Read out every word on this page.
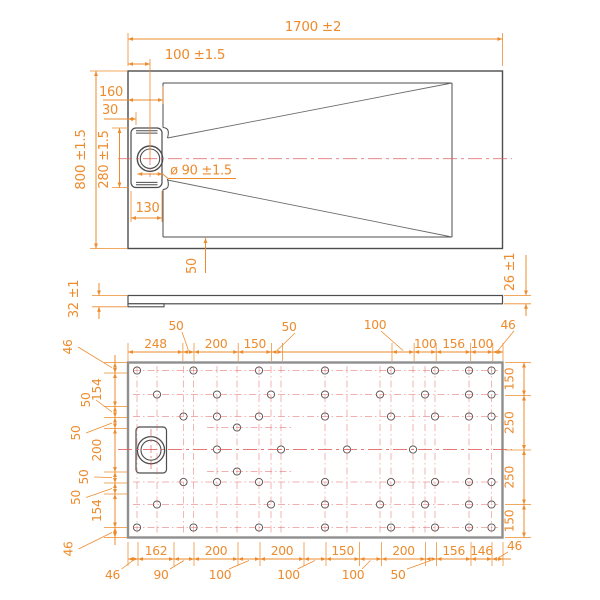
1700 ±2
100 ±1.5
800 ±1.5
160
30
280 ±1.5
130
ø 90 ±1.5
50
32 ±1
26 ±1
248	200 150	100 156 100
50	50	100	46
162	200	200	150	200 156 146
46	90	100	100	100 50
46
154
200
154
46
50
50
50
50
46
150
250
250
150
